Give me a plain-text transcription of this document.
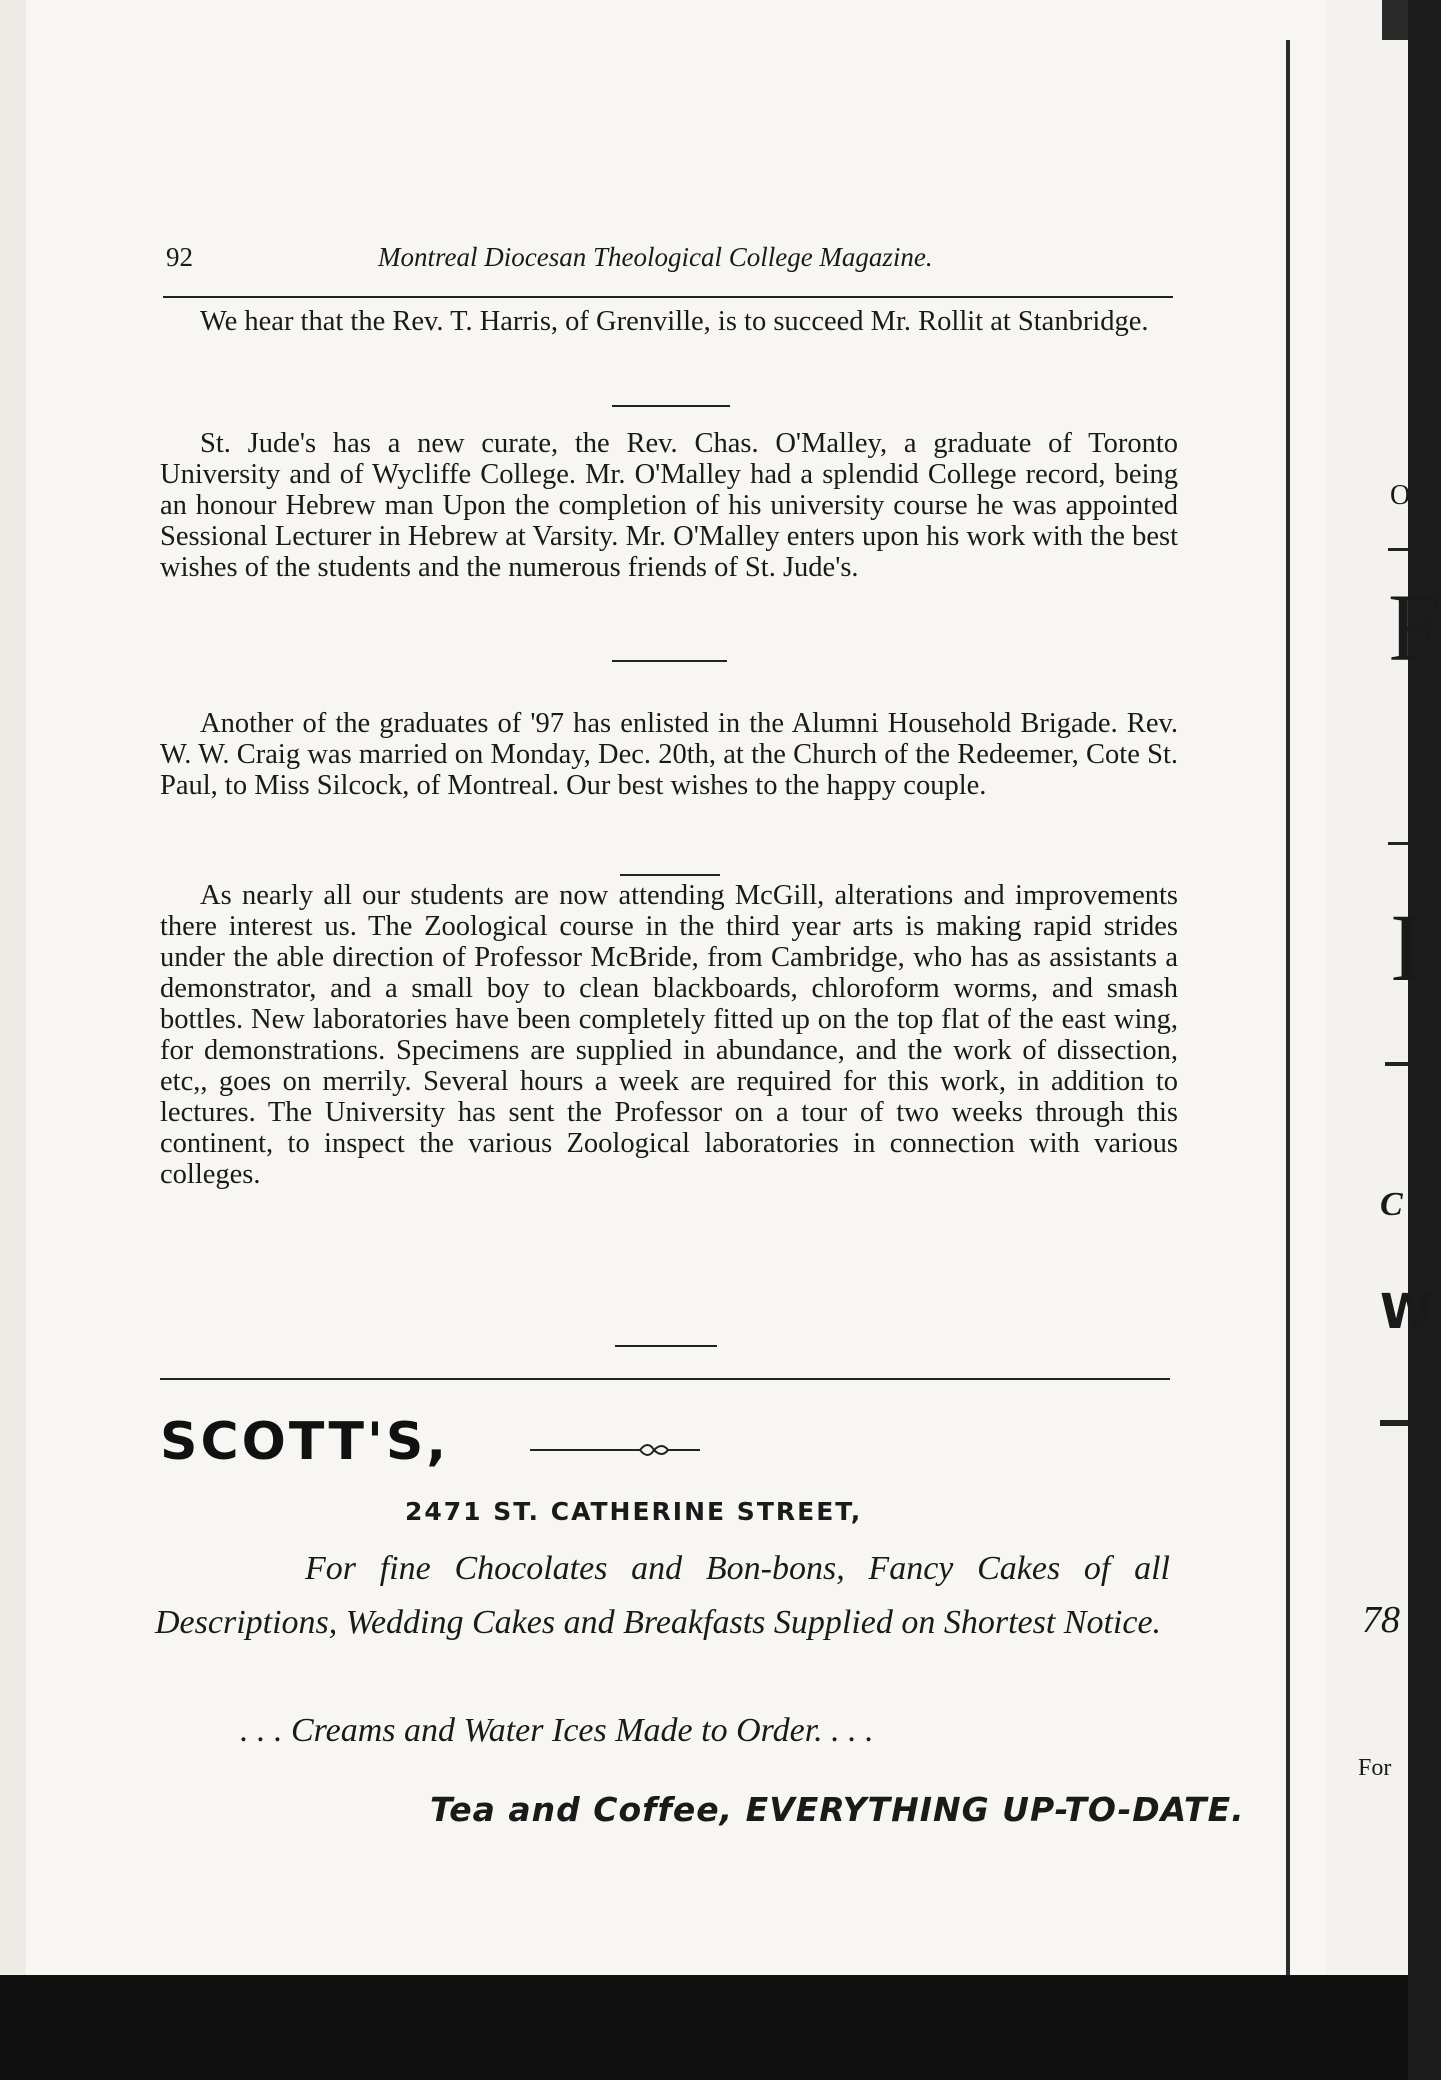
92	Montreal Diocesan Theological College Magazine.

We hear that the Rev. T. Harris, of Grenville, is to succeed Mr. Rollit at Stanbridge.

St. Jude's has a new curate, the Rev. Chas. O'Malley, a graduate of Toronto University and of Wycliffe College. Mr. O'Malley had a splendid College record, being an honour Hebrew man Upon the completion of his university course he was appointed Sessional Lecturer in Hebrew at Varsity. Mr. O'Malley enters upon his work with the best wishes of the students and the numerous friends of St. Jude's.

Another of the graduates of '97 has enlisted in the Alumni Household Brigade. Rev. W. W. Craig was married on Monday, Dec. 20th, at the Church of the Redeemer, Cote St. Paul, to Miss Silcock, of Montreal. Our best wishes to the happy couple.

As nearly all our students are now attending McGill, alterations and improvements there interest us. The Zoological course in the third year arts is making rapid strides under the able direction of Professor McBride, from Cambridge, who has as assistants a demonstrator, and a small boy to clean blackboards, chloroform worms, and smash bottles. New laboratories have been completely fitted up on the top flat of the east wing, for demonstrations. Specimens are supplied in abundance, and the work of dissection, etc,, goes on merrily. Several hours a week are required for this work, in addition to lectures. The University has sent the Professor on a tour of two weeks through this continent, to inspect the various Zoological laboratories in connection with various colleges.

SCOTT'S,
2471 ST. CATHERINE STREET,
For fine Chocolates and Bon-bons, Fancy Cakes of all Descriptions, Wedding Cakes and Breakfasts Supplied on Shortest Notice.
. . . Creams and Water Ices Made to Order. . . .
Tea and Coffee, EVERYTHING UP-TO-DATE.
O
F
I
C
W
78
For
